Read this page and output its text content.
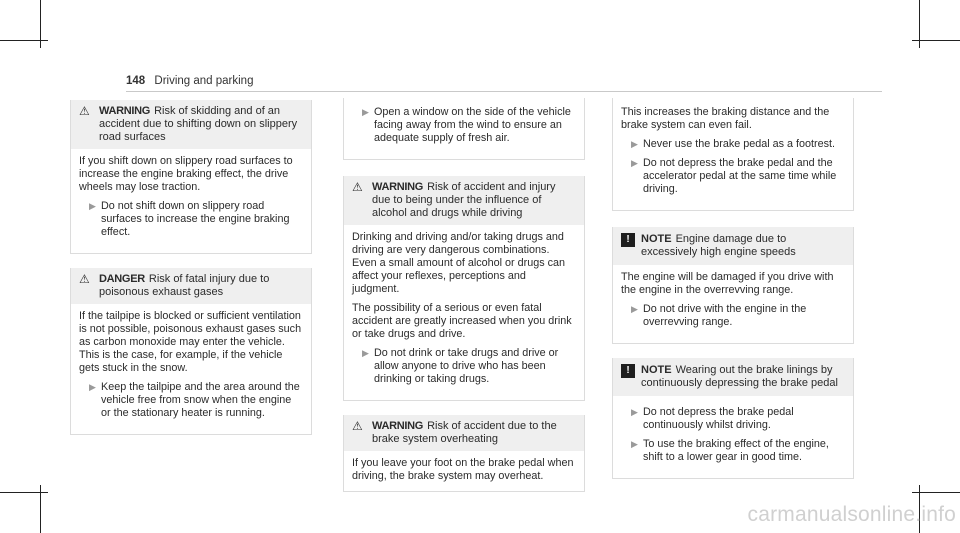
148 Driving and parking
⚠ WARNING Risk of skidding and of an accident due to shifting down on slippery road surfaces

If you shift down on slippery road surfaces to increase the engine braking effect, the drive wheels may lose traction.

▶ Do not shift down on slippery road surfaces to increase the engine braking effect.
⚠ DANGER Risk of fatal injury due to poisonous exhaust gases

If the tailpipe is blocked or sufficient ventilation is not possible, poisonous exhaust gases such as carbon monoxide may enter the vehicle. This is the case, for example, if the vehicle gets stuck in the snow.

▶ Keep the tailpipe and the area around the vehicle free from snow when the engine or the stationary heater is running.
▶ Open a window on the side of the vehicle facing away from the wind to ensure an adequate supply of fresh air.
⚠ WARNING Risk of accident and injury due to being under the influence of alcohol and drugs while driving

Drinking and driving and/or taking drugs and driving are very dangerous combinations. Even a small amount of alcohol or drugs can affect your reflexes, perceptions and judgment.

The possibility of a serious or even fatal accident are greatly increased when you drink or take drugs and drive.

▶ Do not drink or take drugs and drive or allow anyone to drive who has been drinking or taking drugs.
⚠ WARNING Risk of accident due to the brake system overheating

If you leave your foot on the brake pedal when driving, the brake system may overheat.

This increases the braking distance and the brake system can even fail.

▶ Never use the brake pedal as a footrest.
▶ Do not depress the brake pedal and the accelerator pedal at the same time while driving.
!	NOTE Engine damage due to excessively high engine speeds

The engine will be damaged if you drive with the engine in the overrevving range.

▶ Do not drive with the engine in the overrevving range.
!	NOTE Wearing out the brake linings by continuously depressing the brake pedal
▶ Do not depress the brake pedal continuously whilst driving.
▶ To use the braking effect of the engine, shift to a lower gear in good time.
carmanualsonline.info
